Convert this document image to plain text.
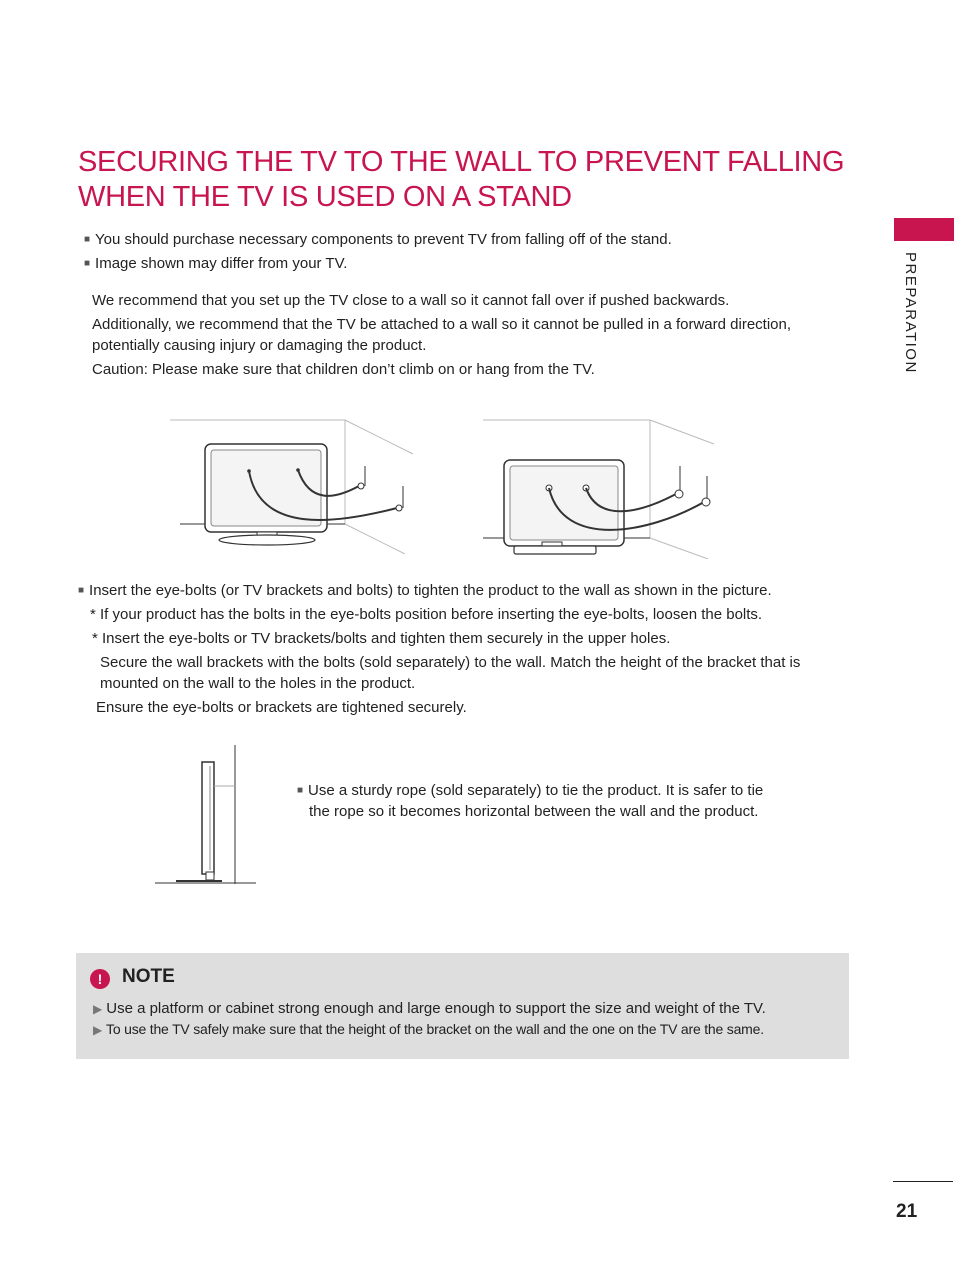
SECURING THE TV TO THE WALL TO PREVENT FALLING
WHEN THE TV IS USED ON A STAND
PREPARATION
■ You should purchase necessary components to prevent TV from falling off of the stand.
■ Image shown may differ from your TV.
We recommend that you set up the TV close to a wall so it cannot fall over if pushed backwards.
Additionally, we recommend that the TV be attached to a wall so it cannot be pulled in a forward direction,
potentially causing injury or damaging the product.
Caution: Please make sure that children don’t climb on or hang from the TV.
■ Insert the eye-bolts (or TV brackets and bolts) to tighten the product to the wall as shown in the picture.
* If your product has the bolts in the eye-bolts position before inserting the eye-bolts, loosen the bolts.
* Insert the eye-bolts or TV brackets/bolts and tighten them securely in the upper holes.
Secure the wall brackets with the bolts (sold separately) to the wall. Match the height of the bracket that is
mounted on the wall to the holes in the product.
Ensure the eye-bolts or brackets are tightened securely.
■ Use a sturdy rope (sold separately) to tie the product. It is safer to tie
the rope so it becomes horizontal between the wall and the product.
!	NOTE
▶ Use a platform or cabinet strong enough and large enough to support the size and weight of the TV.
▶ To use the TV safely make sure that the height of the bracket on the wall and the one on the TV are the same.
21
